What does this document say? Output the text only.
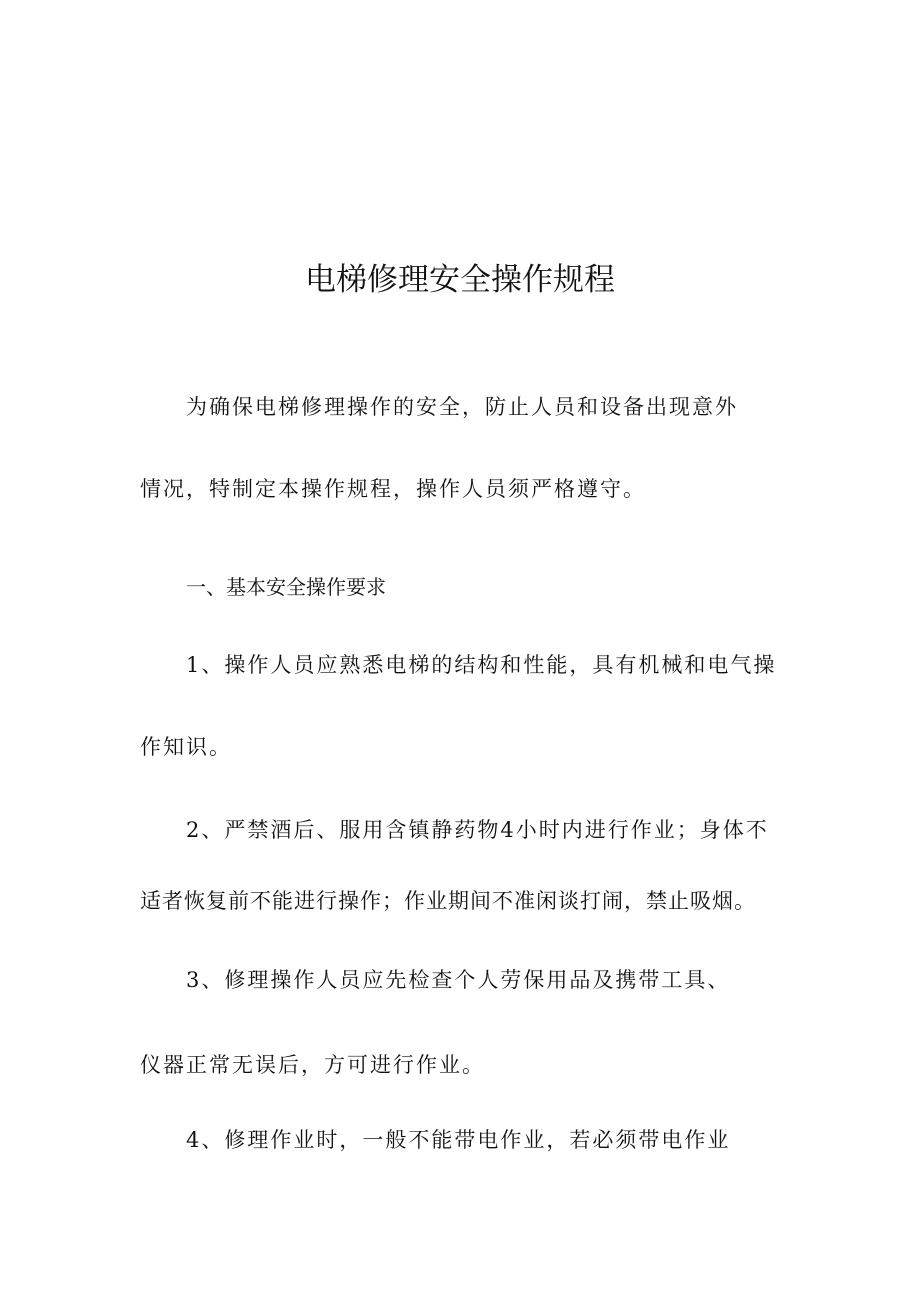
电梯修理安全操作规程
为确保电梯修理操作的安全，防止人员和设备出现意外
情况，特制定本操作规程，操作人员须严格遵守。
一、基本安全操作要求
1、操作人员应熟悉电梯的结构和性能，具有机械和电气操
作知识。
2、严禁酒后、服用含镇静药物4小时内进行作业；身体不
适者恢复前不能进行操作；作业期间不准闲谈打闹，禁止吸烟。
3、修理操作人员应先检查个人劳保用品及携带工具、
仪器正常无误后，方可进行作业。
4、修理作业时，一般不能带电作业，若必须带电作业
